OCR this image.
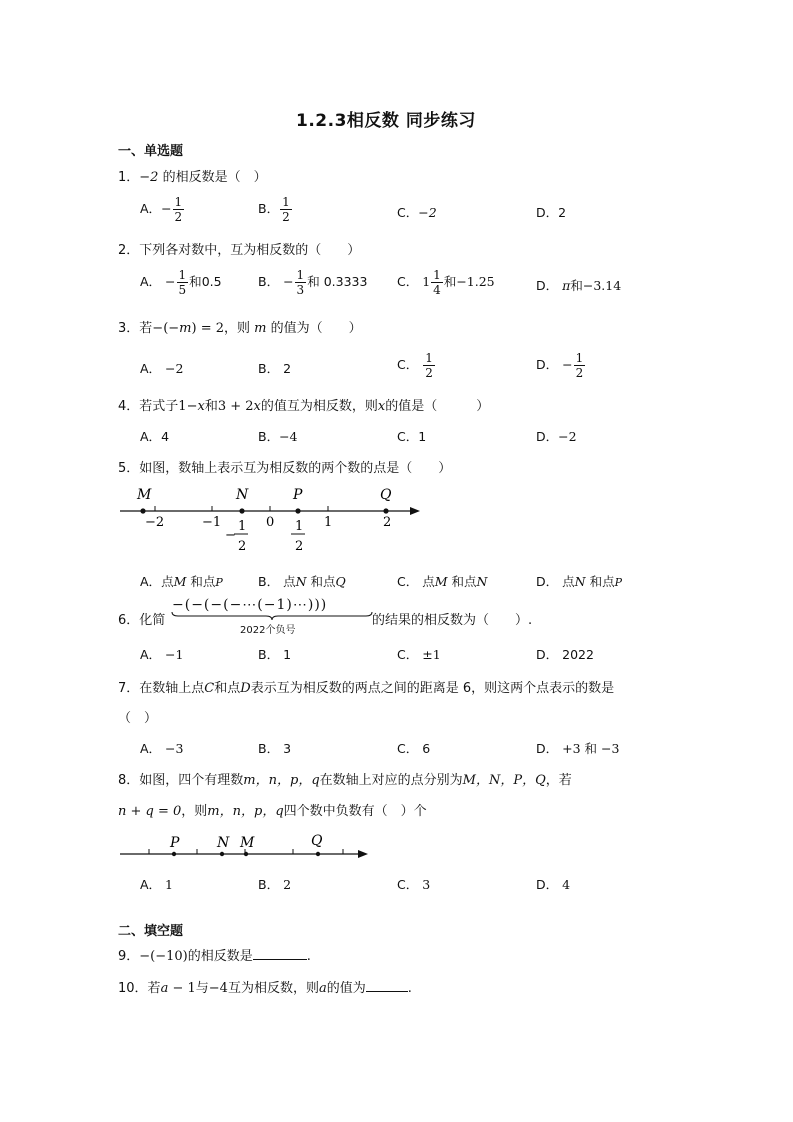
1.2.3相反数 同步练习
一、单选题
1．−2 的相反数是（　）
A．− $\frac{1}{2}$	B． $\frac{1}{2}$	C．−2	D．2
2．下列各对数中，互为相反数的（　　）
A． − $\frac{1}{5}$ 和0.5	B． − $\frac{1}{3}$ 和 0.3333 C． $1 \frac{1}{4}$ 和−1.25	D． π和−3.14
3．若−(−m) = 2，则 m 的值为（　　）
A． −2	B． 2	C． $\frac{1}{2}$	D． − $\frac{1}{2}$
4．若式子1−x和3 + 2x的值互为相反数，则x的值是（　　　）
A．4	B．−4	C．1	D．−2
5．如图，数轴上表示互为相反数的两个数的点是（　　）
M	N	P	Q
−2	−1	0	1	2
−
1
2
1
2
A．点M 和点P	B． 点N 和点Q	C． 点M 和点N	D． 点N 和点P
6．化简
−(−(−(−⋯(−1)⋯)))
2022个负号
的结果的相反数为（　　）.
A． −1	B． 1	C． ±1	D． 2022
7．在数轴上点C和点D表示互为相反数的两点之间的距离是 6，则这两个点表示的数是
（　）
A． −3	B． 3	C． 6	D． +3 和 −3
8．如图，四个有理数m，n，p，q在数轴上对应的点分别为M，N，P，Q，若
n + q = 0，则m，n，p，q四个数中负数有（　）个
P	N M	Q
A． 1	B． 2	C． 3	D． 4
二、填空题
9．−(−10)的相反数是	.
10．若a − 1与−4互为相反数，则a的值为	.
